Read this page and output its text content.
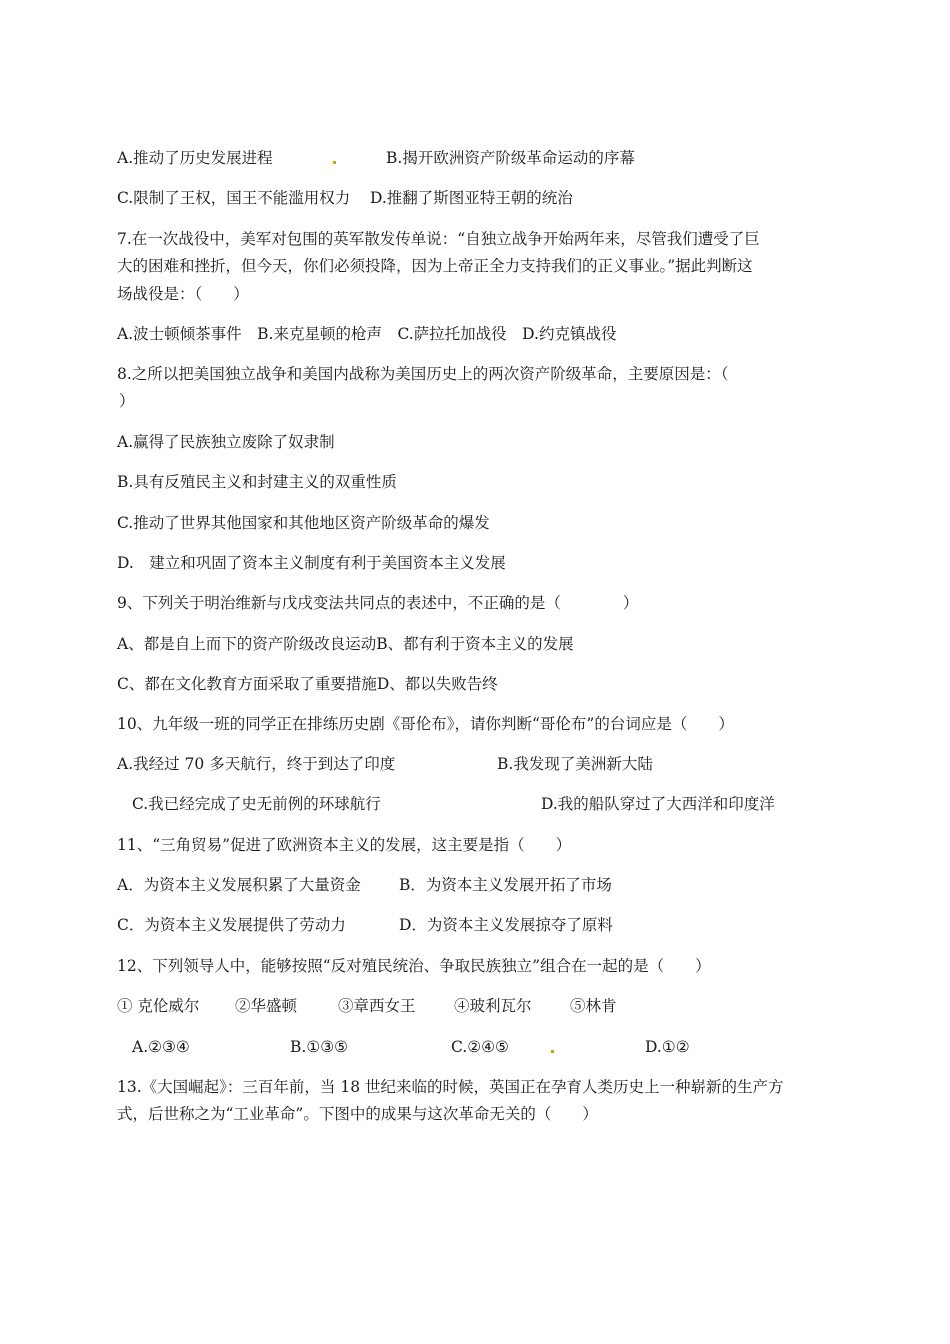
A.推动了历史发展进程	B.揭开欧洲资产阶级革命运动的序幕
C.限制了王权，国王不能滥用权力 D.推翻了斯图亚特王朝的统治
7.在一次战役中，美军对包围的英军散发传单说：“自独立战争开始两年来，尽管我们遭受了巨
大的困难和挫折，但今天，你们必须投降，因为上帝正全力支持我们的正义事业。”据此判断这
场战役是：（　　）
A.波士顿倾茶事件　B.来克星顿的枪声　C.萨拉托加战役　D.约克镇战役
8.之所以把美国独立战争和美国内战称为美国历史上的两次资产阶级革命，主要原因是：（
）
A.赢得了民族独立废除了奴隶制
B.具有反殖民主义和封建主义的双重性质
C.推动了世界其他国家和其他地区资产阶级革命的爆发
D.　建立和巩固了资本主义制度有利于美国资本主义发展
9、下列关于明治维新与戊戌变法共同点的表述中，不正确的是（　　　　）
A、都是自上而下的资产阶级改良运动B、都有利于资本主义的发展
C、都在文化教育方面采取了重要措施D、都以失败告终
10、九年级一班的同学正在排练历史剧《哥伦布》，请你判断“哥伦布”的台词应是（　　）
A.我经过 70 多天航行，终于到达了印度	B.我发现了美洲新大陆
C.我已经完成了史无前例的环球航行	D.我的船队穿过了大西洋和印度洋
11、“三角贸易”促进了欧洲资本主义的发展，这主要是指（　　）
A．为资本主义发展积累了大量资金 B．为资本主义发展开拓了市场
C．为资本主义发展提供了劳动力	D．为资本主义发展掠夺了原料
12、下列领导人中，能够按照“反对殖民统治、争取民族独立”组合在一起的是（　　）
① 克伦威尔 ②华盛顿	③章西女王 ④玻利瓦尔 ⑤林肯
A.②③④	B.①③⑤	C.②④⑤	D.①②
13.《大国崛起》：三百年前，当 18 世纪来临的时候，英国正在孕育人类历史上一种崭新的生产方
式，后世称之为“工业革命”。下图中的成果与这次革命无关的（　　）
